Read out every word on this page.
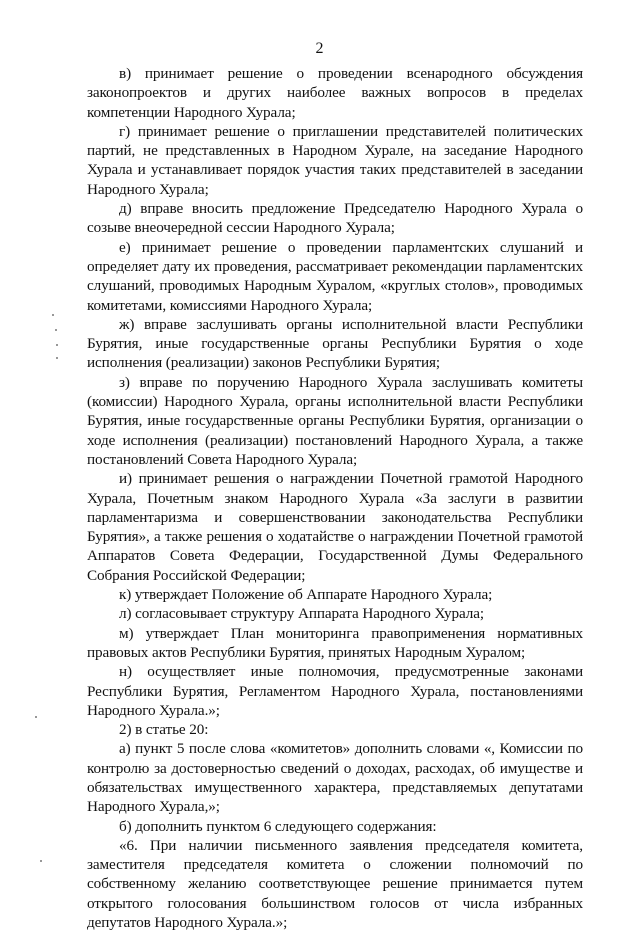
2

в) принимает решение о проведении всенародного обсуждения законопроектов и других наиболее важных вопросов в пределах компетенции Народного Хурала;

г) принимает решение о приглашении представителей политических партий, не представленных в Народном Хурале, на заседание Народного Хурала и устанавливает порядок участия таких представителей в заседании Народного Хурала;

д) вправе вносить предложение Председателю Народного Хурала о созыве внеочередной сессии Народного Хурала;

е) принимает решение о проведении парламентских слушаний и определяет дату их проведения, рассматривает рекомендации парламентских слушаний, проводимых Народным Хуралом, «круглых столов», проводимых комитетами, комиссиями Народного Хурала;

ж) вправе заслушивать органы исполнительной власти Республики Бурятия, иные государственные органы Республики Бурятия о ходе исполнения (реализации) законов Республики Бурятия;

з) вправе по поручению Народного Хурала заслушивать комитеты (комиссии) Народного Хурала, органы исполнительной власти Республики Бурятия, иные государственные органы Республики Бурятия, организации о ходе исполнения (реализации) постановлений Народного Хурала, а также постановлений Совета Народного Хурала;

и) принимает решения о награждении Почетной грамотой Народного Хурала, Почетным знаком Народного Хурала «За заслуги в развитии парламентаризма и совершенствовании законодательства Республики Бурятия», а также решения о ходатайстве о награждении Почетной грамотой Аппаратов Совета Федерации, Государственной Думы Федерального Собрания Российской Федерации;

к) утверждает Положение об Аппарате Народного Хурала;

л) согласовывает структуру Аппарата Народного Хурала;

м) утверждает План мониторинга правоприменения нормативных правовых актов Республики Бурятия, принятых Народным Хуралом;

н) осуществляет иные полномочия, предусмотренные законами Республики Бурятия, Регламентом Народного Хурала, постановлениями Народного Хурала.»;

2) в статье 20:

а) пункт 5 после слова «комитетов» дополнить словами «, Комиссии по контролю за достоверностью сведений о доходах, расходах, об имуществе и обязательствах имущественного характера, представляемых депутатами Народного Хурала,»;

б) дополнить пунктом 6 следующего содержания:

«6. При наличии письменного заявления председателя комитета, заместителя председателя комитета о сложении полномочий по собственному желанию соответствующее решение принимается путем открытого голосования большинством голосов от числа избранных депутатов Народного Хурала.»;
